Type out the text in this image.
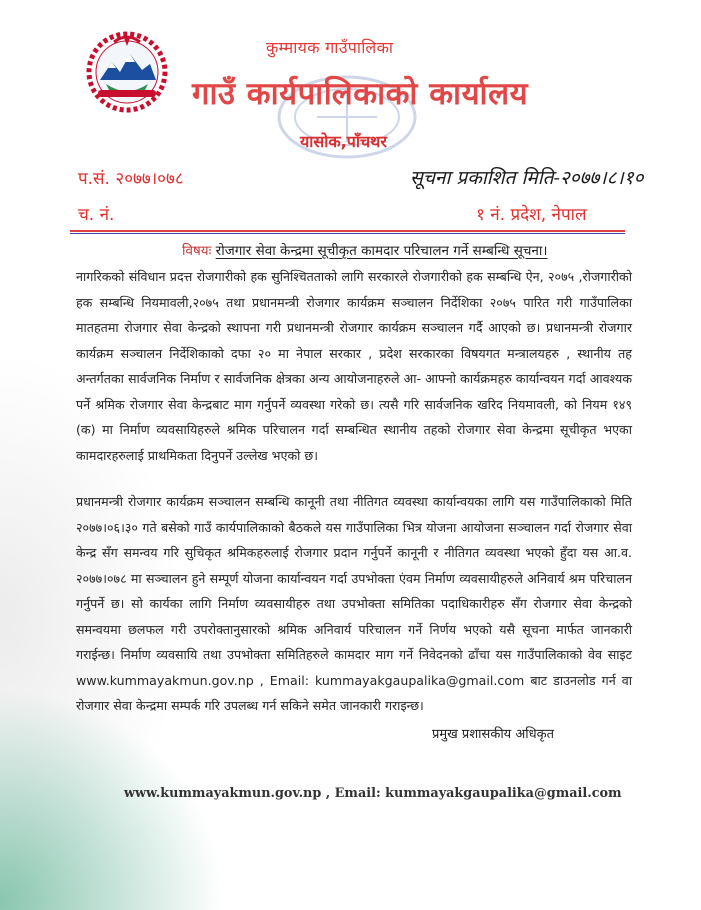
कुम्मायक गाउँपालिका
गाउँ कार्यपालिकाको कार्यालय
यासोक,पाँचथर
प.सं. २०७७।०७८	सूचना प्रकाशित मिति-२०७७।८।१०
च. नं.	१ नं. प्रदेश, नेपाल
विषयः रोजगार सेवा केन्द्रमा सूचीकृत कामदार परिचालन गर्ने सम्बन्धि सूचना।
नागरिकको संविधान प्रदत्त रोजगारीको हक सुनिश्चितताको लागि सरकारले रोजगारीको हक सम्बन्धि ऐन, २०७५ ,रोजगारीको हक सम्बन्धि नियमावली,२०७५ तथा प्रधानमन्त्री रोजगार कार्यक्रम सञ्चालन निर्देशिका २०७५ पारित गरी गाउँपालिका मातहतमा रोजगार सेवा केन्द्रको स्थापना गरी प्रधानमन्त्री रोजगार कार्यक्रम सञ्चालन गर्दै आएको छ। प्रधानमन्त्री रोजगार कार्यक्रम सञ्चालन निर्देशिकाको दफा २० मा नेपाल सरकार , प्रदेश सरकारका विषयगत मन्त्रालयहरु , स्थानीय तह अन्तर्गतका सार्वजनिक निर्माण र सार्वजनिक क्षेत्रका अन्य आयोजनाहरुले आ- आफ्नो कार्यक्रमहरु कार्यान्वयन गर्दा आवश्यक पर्ने श्रमिक रोजगार सेवा केन्द्रबाट माग गर्नुपर्ने व्यवस्था गरेको छ। त्यसै गरि सार्वजनिक खरिद नियमावली, को नियम १४९ (क) मा निर्माण व्यवसायिहरुले श्रमिक परिचालन गर्दा सम्बन्धित स्थानीय तहको रोजगार सेवा केन्द्रमा सूचीकृत भएका कामदारहरुलाई प्राथमिकता दिनुपर्ने उल्लेख भएको छ।
प्रधानमन्त्री रोजगार कार्यक्रम सञ्चालन सम्बन्धि कानूनी तथा नीतिगत व्यवस्था कार्यान्वयका लागि यस गाउँपालिकाको मिति २०७७।०६।३० गते बसेको गाउँ कार्यपालिकाको बैठकले यस गाउँपालिका भित्र योजना आयोजना सञ्चालन गर्दा रोजगार सेवा केन्द्र सँग समन्वय गरि सुचिकृत श्रमिकहरुलाई रोजगार प्रदान गर्नुपर्ने कानूनी र नीतिगत व्यवस्था भएको हुँदा यस आ.व. २०७७।०७८ मा सञ्चालन हुने सम्पूर्ण योजना कार्यान्वयन गर्दा उपभोक्ता एंवम निर्माण व्यवसायीहरुले अनिवार्य श्रम परिचालन गर्नुपर्ने छ। सो कार्यका लागि निर्माण व्यवसायीहरु तथा उपभोक्ता समितिका पदाधिकारीहरु सँग रोजगार सेवा केन्द्रको समन्वयमा छलफल गरी उपरोक्तानुसारको श्रमिक अनिवार्य परिचालन गर्ने निर्णय भएको यसै सूचना मार्फत जानकारी गराईन्छ। निर्माण व्यवसायि तथा उपभोक्ता समितिहरुले कामदार माग गर्ने निवेदनको ढाँचा यस गाउँपालिकाको वेव साइट www.kummayakmun.gov.np , Email: kummayakgaupalika@gmail.com बाट डाउनलोड गर्न वा रोजगार सेवा केन्द्रमा सम्पर्क गरि उपलब्ध गर्न सकिने समेत जानकारी गराइन्छ।
प्रमुख प्रशासकीय अधिकृत
www.kummayakmun.gov.np , Email: kummayakgaupalika@gmail.com
